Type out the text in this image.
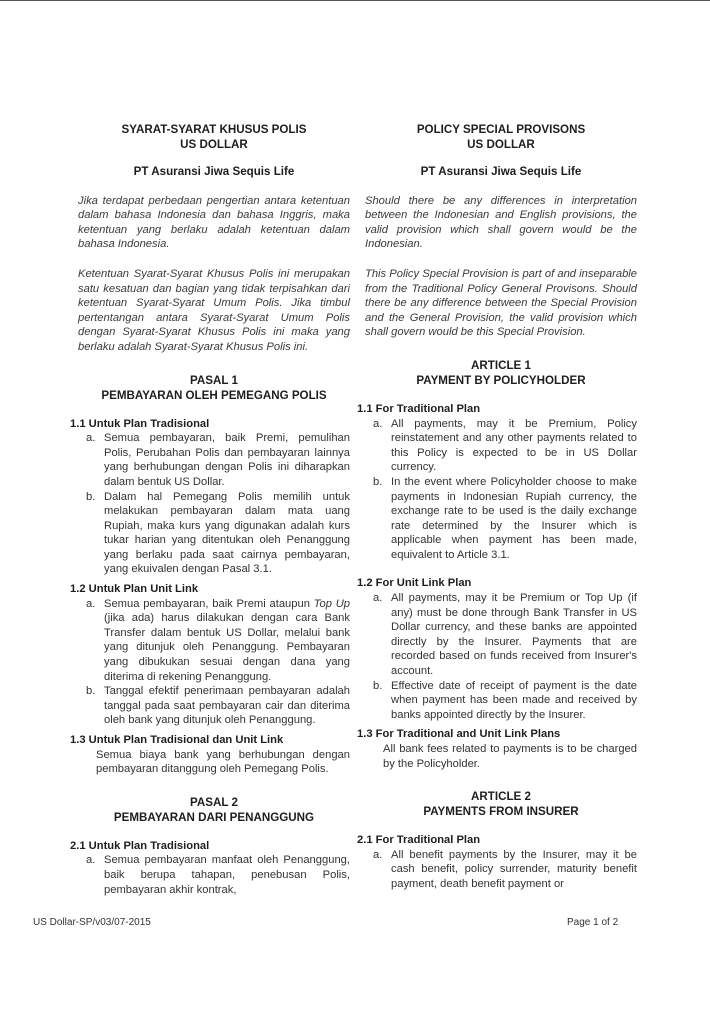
SYARAT-SYARAT KHUSUS POLIS
US DOLLAR
PT Asuransi Jiwa Sequis Life
Jika terdapat perbedaan pengertian antara ketentuan dalam bahasa Indonesia dan bahasa Inggris, maka ketentuan yang berlaku adalah ketentuan dalam bahasa Indonesia.
Ketentuan Syarat-Syarat Khusus Polis ini merupakan satu kesatuan dan bagian yang tidak terpisahkan dari ketentuan Syarat-Syarat Umum Polis. Jika timbul pertentangan antara Syarat-Syarat Umum Polis dengan Syarat-Syarat Khusus Polis ini maka yang berlaku adalah Syarat-Syarat Khusus Polis ini.
PASAL 1
PEMBAYARAN OLEH PEMEGANG POLIS
1.1 Untuk Plan Tradisional
a. Semua pembayaran, baik Premi, pemulihan Polis, Perubahan Polis dan pembayaran lainnya yang berhubungan dengan Polis ini diharapkan dalam bentuk US Dollar.
b. Dalam hal Pemegang Polis memilih untuk melakukan pembayaran dalam mata uang Rupiah, maka kurs yang digunakan adalah kurs tukar harian yang ditentukan oleh Penanggung yang berlaku pada saat cairnya pembayaran, yang ekuivalen dengan Pasal 3.1.
1.2 Untuk Plan Unit Link
a. Semua pembayaran, baik Premi ataupun Top Up (jika ada) harus dilakukan dengan cara Bank Transfer dalam bentuk US Dollar, melalui bank yang ditunjuk oleh Penanggung. Pembayaran yang dibukukan sesuai dengan dana yang diterima di rekening Penanggung.
b. Tanggal efektif penerimaan pembayaran adalah tanggal pada saat pembayaran cair dan diterima oleh bank yang ditunjuk oleh Penanggung.
1.3 Untuk Plan Tradisional dan Unit Link
Semua biaya bank yang berhubungan dengan pembayaran ditanggung oleh Pemegang Polis.
PASAL 2
PEMBAYARAN DARI PENANGGUNG
2.1 Untuk Plan Tradisional
a. Semua pembayaran manfaat oleh Penanggung, baik berupa tahapan, penebusan Polis, pembayaran akhir kontrak,
POLICY SPECIAL PROVISONS
US DOLLAR
PT Asuransi Jiwa Sequis Life
Should there be any differences in interpretation between the Indonesian and English provisions, the valid provision which shall govern would be the Indonesian.
This Policy Special Provision is part of and inseparable from the Traditional Policy General Provisons. Should there be any difference between the Special Provision and the General Provision, the valid provision which shall govern would be this Special Provision.
ARTICLE 1
PAYMENT BY POLICYHOLDER
1.1 For Traditional Plan
a. All payments, may it be Premium, Policy reinstatement and any other payments related to this Policy is expected to be in US Dollar currency.
b. In the event where Policyholder choose to make payments in Indonesian Rupiah currency, the exchange rate to be used is the daily exchange rate determined by the Insurer which is applicable when payment has been made, equivalent to Article 3.1.
1.2 For Unit Link Plan
a. All payments, may it be Premium or Top Up (if any) must be done through Bank Transfer in US Dollar currency, and these banks are appointed directly by the Insurer. Payments that are recorded based on funds received from Insurer's account.
b. Effective date of receipt of payment is the date when payment has been made and received by banks appointed directly by the Insurer.
1.3 For Traditional and Unit Link Plans
All bank fees related to payments is to be charged by the Policyholder.
ARTICLE 2
PAYMENTS FROM INSURER
2.1 For Traditional Plan
a. All benefit payments by the Insurer, may it be cash benefit, policy surrender, maturity benefit payment, death benefit payment or
US Dollar-SP/v03/07-2015	Page 1 of 2
